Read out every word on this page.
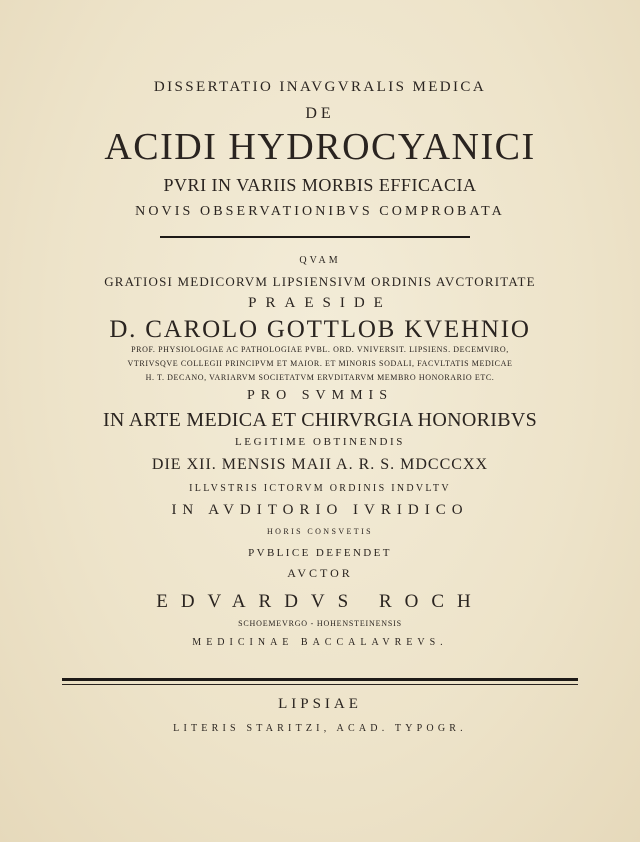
DISSERTATIO INAVGVRALIS MEDICA
DE
ACIDI HYDROCYANICI
PVRI IN VARIIS MORBIS EFFICACIA
NOVIS OBSERVATIONIBVS COMPROBATA
QVAM
GRATIOSI MEDICORVM LIPSIENSIVM ORDINIS AVCTORITATE
PRAESIDE
D. CAROLO GOTTLOB KVEHNIO
PROF. PHYSIOLOGIAE AC PATHOLOGIAE PVBL. ORD. VNIVERSIT. LIPSIENS. DECEMVIRO,
VTRIVSQVE COLLEGII PRINCIPVM ET MAIOR. ET MINORIS SODALI, FACVLTATIS MEDICAE
H. T. DECANO, VARIARVM SOCIETATVM ERVDITARVM MEMBRO HONORARIO ETC.
PRO SVMMIS
IN ARTE MEDICA ET CHIRVRGIA HONORIBVS
LEGITIME OBTINENDIS
DIE XII. MENSIS MAII A. R. S. MDCCCXX
ILLVSTRIS ICTORVM ORDINIS INDVLTV
IN AVDITORIO IVRIDICO
HORIS CONSVETIS
PVBLICE DEFENDET
AVCTOR
EDVARDVS ROCH
SCHOEMEVRGO - HOHENSTEINENSIS
MEDICINAE BACCALAVREVS.
LIPSIAE
LITERIS STARITZI, ACAD. TYPOGR.
